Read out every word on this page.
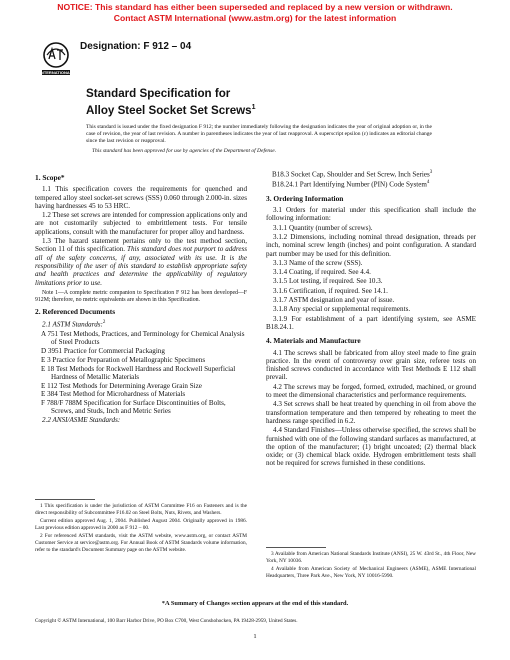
NOTICE: This standard has either been superseded and replaced by a new version or withdrawn.
Contact ASTM International (www.astm.org) for the latest information
INTERNATIONAL
Designation: F 912 – 04
Standard Specification for
Alloy Steel Socket Set Screws$^1$

This standard is issued under the fixed designation F 912; the number immediately following the designation indicates the year of original adoption or, in the case of revision, the year of last revision. A number in parentheses indicates the year of last reapproval. A superscript epsilon (ε) indicates an editorial change since the last revision or reapproval.

This standard has been approved for use by agencies of the Department of Defense.

1. Scope*

1.1 This specification covers the requirements for quenched and tempered alloy steel socket-set screws (SSS) 0.060 through 2.000-in. sizes having hardnesses 45 to 53 HRC.

1.2 These set screws are intended for compression applications only and are not customarily subjected to embrittlement tests. For tensile applications, consult with the manufacturer for proper alloy and hardness.

1.3 The hazard statement pertains only to the test method section, Section 11 of this specification. This standard does not purport to address all of the safety concerns, if any, associated with its use. It is the responsibility of the user of this standard to establish appropriate safety and health practices and determine the applicability of regulatory limitations prior to use.

Note 1—A complete metric companion to Specification F 912 has been developed—F 912M; therefore, no metric equivalents are shown in this Specification.

2. Referenced Documents

2.1 ASTM Standards:$^2$

A 751 Test Methods, Practices, and Terminology for Chemical Analysis of Steel Products
D 3951 Practice for Commercial Packaging
E 3 Practice for Preparation of Metallographic Specimens
E 18 Test Methods for Rockwell Hardness and Rockwell Superficial Hardness of Metallic Materials
E 112 Test Methods for Determining Average Grain Size
E 384 Test Method for Microhardness of Materials
F 788/F 788M Specification for Surface Discontinuities of Bolts, Screws, and Studs, Inch and Metric Series

2.2 ANSI/ASME Standards:

1 This specification is under the jurisdiction of ASTM Committee F16 on Fasteners and is the direct responsibility of Subcommittee F16.02 on Steel Bolts, Nuts, Rivets, and Washers.

Current edition approved Aug. 1, 2004. Published August 2004. Originally approved in 1986. Last previous edition approved in 2000 as F 912 – 00.

2 For referenced ASTM standards, visit the ASTM website, www.astm.org, or contact ASTM Customer Service at service@astm.org. For Annual Book of ASTM Standards volume information, refer to the standard's Document Summary page on the ASTM website.

B18.3 Socket Cap, Shoulder and Set Screw, Inch Series$^3$
B18.24.1 Part Identifying Number (PIN) Code System$^4$
3. Ordering Information

3.1 Orders for material under this specification shall include the following information:

3.1.1 Quantity (number of screws).

3.1.2 Dimensions, including nominal thread designation, threads per inch, nominal screw length (inches) and point configuration. A standard part number may be used for this definition.

3.1.3 Name of the screw (SSS).

3.1.4 Coating, if required. See 4.4.

3.1.5 Lot testing, if required. See 10.3.

3.1.6 Certification, if required. See 14.1.

3.1.7 ASTM designation and year of issue.

3.1.8 Any special or supplemental requirements.

3.1.9 For establishment of a part identifying system, see ASME B18.24.1.

4. Materials and Manufacture

4.1 The screws shall be fabricated from alloy steel made to fine grain practice. In the event of controversy over grain size, referee tests on finished screws conducted in accordance with Test Methods E 112 shall prevail.

4.2 The screws may be forged, formed, extruded, machined, or ground to meet the dimensional characteristics and performance requirements.

4.3 Set screws shall be heat treated by quenching in oil from above the transformation temperature and then tempered by reheating to meet the hardness range specified in 6.2.

4.4 Standard Finishes—Unless otherwise specified, the screws shall be furnished with one of the following standard surfaces as manufactured, at the option of the manufacturer; (1) bright uncoated; (2) thermal black oxide; or (3) chemical black oxide. Hydrogen embrittlement tests shall not be required for screws furnished in these conditions.

3 Available from American National Standards Institute (ANSI), 25 W. 43rd St., 4th Floor, New York, NY 10036.

4 Available from American Society of Mechanical Engineers (ASME), ASME International Headquarters, Three Park Ave., New York, NY 10016-5990.

*A Summary of Changes section appears at the end of this standard.
Copyright © ASTM International, 100 Barr Harbor Drive, PO Box C700, West Conshohocken, PA 19428-2959, United States.
1
